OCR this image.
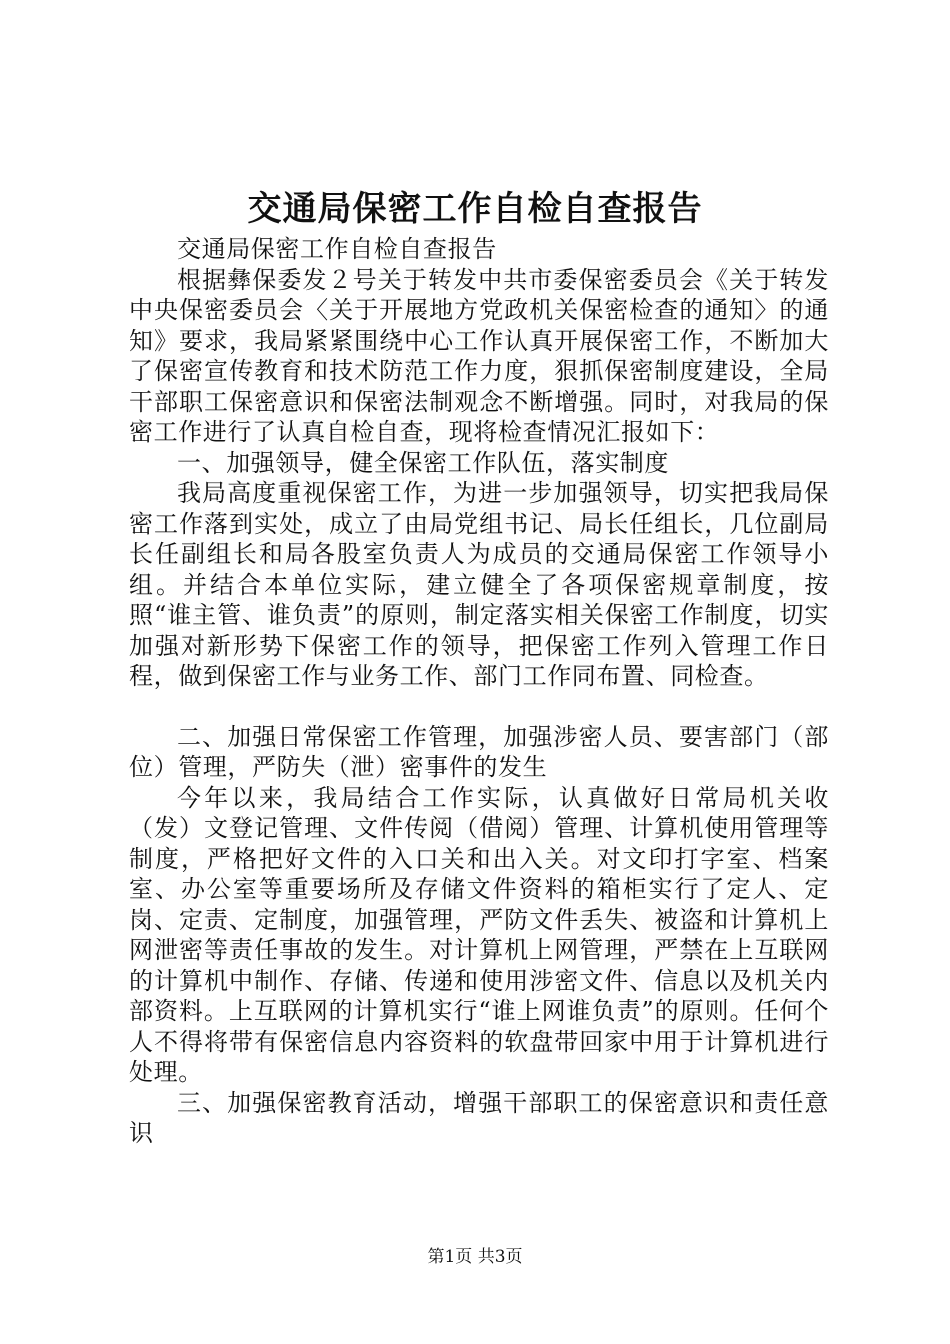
交通局保密工作自检自查报告

交通局保密工作自检自查报告

根据彝保委发２号关于转发中共市委保密委员会《关于转发中央保密委员会〈关于开展地方党政机关保密检查的通知〉的通知》要求，我局紧紧围绕中心工作认真开展保密工作，不断加大了保密宣传教育和技术防范工作力度，狠抓保密制度建设，全局干部职工保密意识和保密法制观念不断增强。同时，对我局的保密工作进行了认真自检自查，现将检查情况汇报如下：

一、加强领导，健全保密工作队伍，落实制度

我局高度重视保密工作，为进一步加强领导，切实把我局保密工作落到实处，成立了由局党组书记、局长任组长，几位副局长任副组长和局各股室负责人为成员的交通局保密工作领导小组。并结合本单位实际，建立健全了各项保密规章制度，按照“谁主管、谁负责”的原则，制定落实相关保密工作制度，切实加强对新形势下保密工作的领导，把保密工作列入管理工作日程，做到保密工作与业务工作、部门工作同布置、同检查。

二、加强日常保密工作管理，加强涉密人员、要害部门（部位）管理，严防失（泄）密事件的发生

今年以来，我局结合工作实际，认真做好日常局机关收（发）文登记管理、文件传阅（借阅）管理、计算机使用管理等制度，严格把好文件的入口关和出入关。对文印打字室、档案室、办公室等重要场所及存储文件资料的箱柜实行了定人、定岗、定责、定制度，加强管理，严防文件丢失、被盗和计算机上网泄密等责任事故的发生。对计算机上网管理，严禁在上互联网的计算机中制作、存储、传递和使用涉密文件、信息以及机关内部资料。上互联网的计算机实行“谁上网谁负责”的原则。任何个人不得将带有保密信息内容资料的软盘带回家中用于计算机进行处理。

三、加强保密教育活动，增强干部职工的保密意识和责任意识

第1页 共3页
